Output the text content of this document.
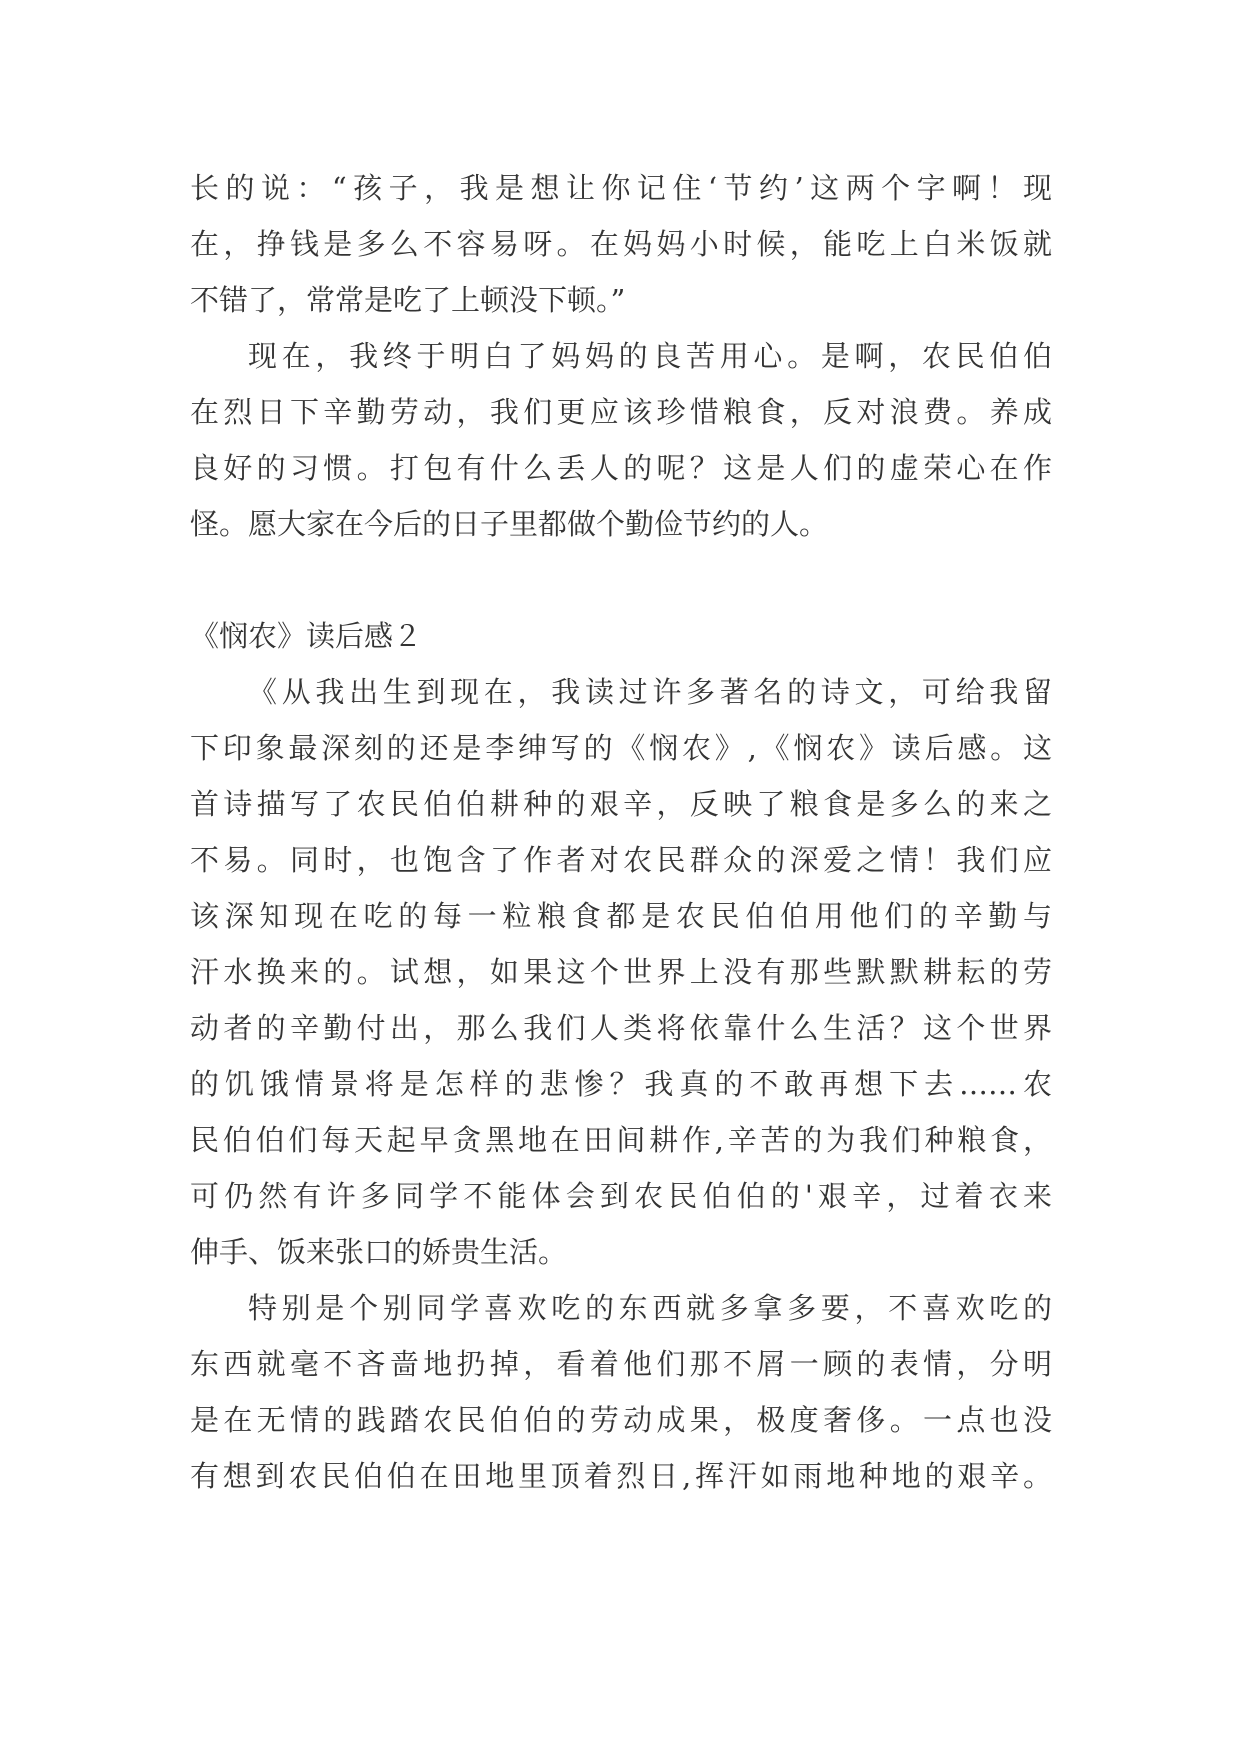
长的说：“孩子，我是想让你记住‘节约’这两个字啊！现
在，挣钱是多么不容易呀。在妈妈小时候，能吃上白米饭就
不错了，常常是吃了上顿没下顿。”

现在，我终于明白了妈妈的良苦用心。是啊，农民伯伯
在烈日下辛勤劳动，我们更应该珍惜粮食，反对浪费。养成
良好的习惯。打包有什么丢人的呢？这是人们的虚荣心在作
怪。愿大家在今后的日子里都做个勤俭节约的人。

《悯农》读后感２

《从我出生到现在，我读过许多著名的诗文，可给我留
下印象最深刻的还是李绅写的《悯农》,《悯农》读后感。这
首诗描写了农民伯伯耕种的艰辛，反映了粮食是多么的来之
不易。同时，也饱含了作者对农民群众的深爱之情！我们应
该深知现在吃的每一粒粮食都是农民伯伯用他们的辛勤与
汗水换来的。试想，如果这个世界上没有那些默默耕耘的劳
动者的辛勤付出，那么我们人类将依靠什么生活？这个世界
的饥饿情景将是怎样的悲惨？我真的不敢再想下去……农
民伯伯们每天起早贪黑地在田间耕作,辛苦的为我们种粮食，
可仍然有许多同学不能体会到农民伯伯的'艰辛，过着衣来
伸手、饭来张口的娇贵生活。

特别是个别同学喜欢吃的东西就多拿多要，不喜欢吃的
东西就毫不吝啬地扔掉，看着他们那不屑一顾的表情，分明
是在无情的践踏农民伯伯的劳动成果，极度奢侈。一点也没
有想到农民伯伯在田地里顶着烈日,挥汗如雨地种地的艰辛。
